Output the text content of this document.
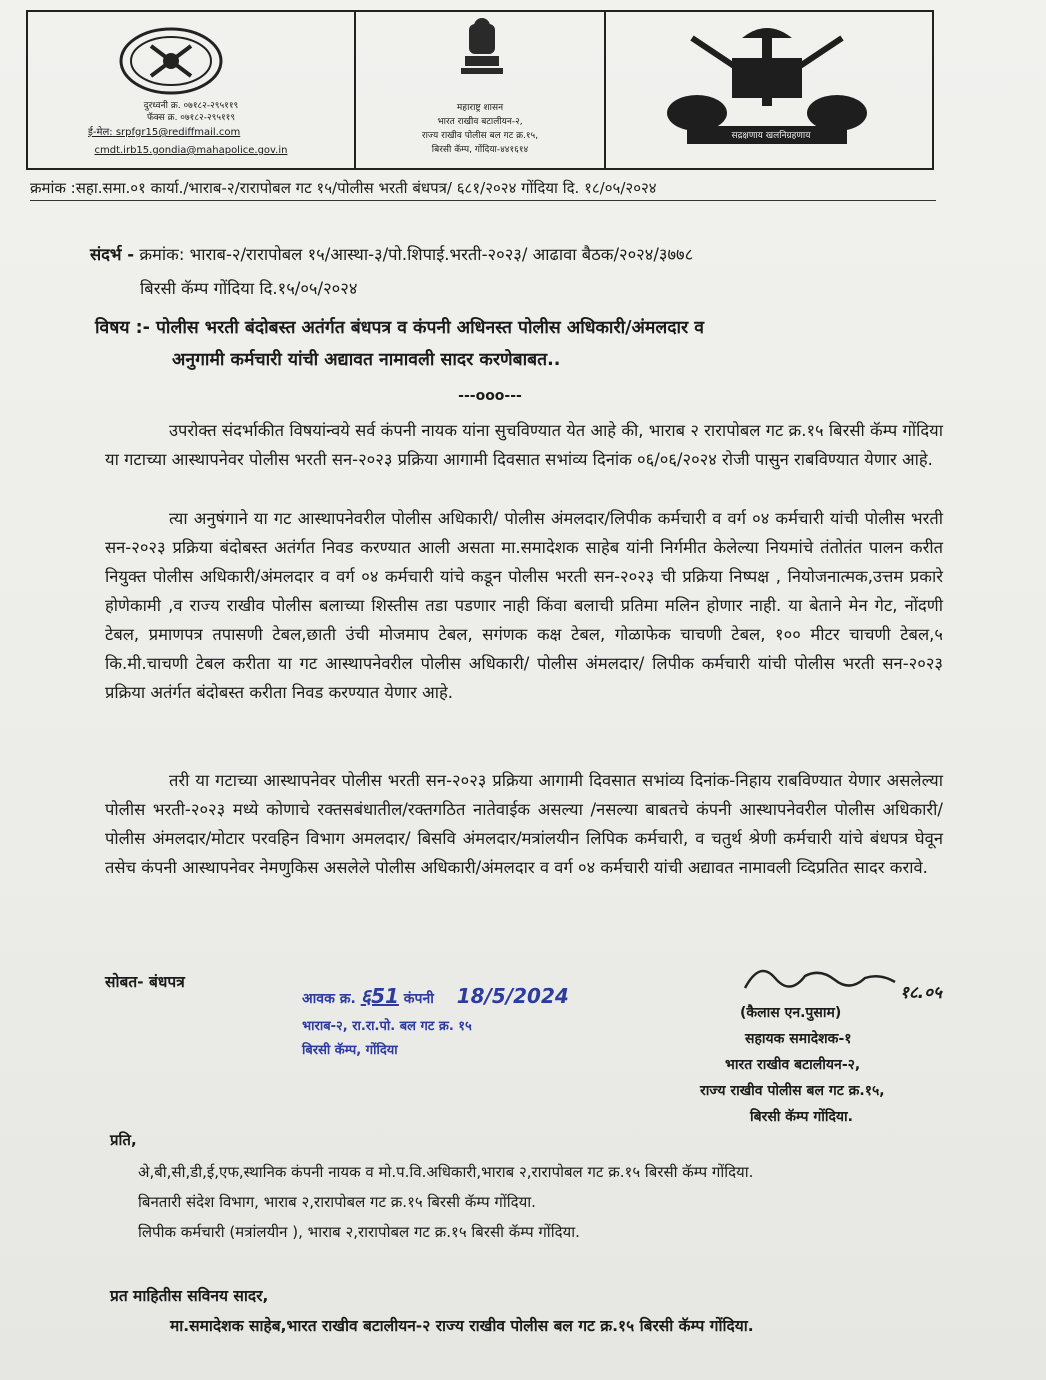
दुरध्वनी क्र. ०७१८२-२९५११९
फॅक्स क्र. ०७१८२-२९५११९
ई-मेल: srpfgr15@rediffmail.com
cmdt.irb15.gondia@mahapolice.gov.in
महाराष्ट्र शासन
भारत राखीव बटालीयन-२,
राज्य राखीव पोलीस बल गट क्र.१५,
बिरसी कॅम्प, गोंदिया-४४१६१४
सद्रक्षणाय खलनिग्रहणाय
क्रमांक :सहा.समा.०१ कार्या./भाराब-२/रारापोबल गट १५/पोलीस भरती बंधपत्र/ ६८१/२०२४ गोंदिया दि. १८/०५/२०२४
संदर्भ - क्रमांक: भाराब-२/रारापोबल १५/आस्था-३/पो.शिपाई.भरती-२०२३/ आढावा बैठक/२०२४/३७७८
बिरसी कॅम्प गोंदिया दि.१५/०५/२०२४
विषय :- पोलीस भरती बंदोबस्त अतंर्गत बंधपत्र व कंपनी अधिनस्त पोलीस अधिकारी/अंमलदार व
अनुगामी कर्मचारी यांची अद्यावत नामावली सादर करणेबाबत..
---ooo---
उपरोक्त संदर्भाकीत विषयांन्वये सर्व कंपनी नायक यांना सुचविण्यात येत आहे की, भाराब २ रारापोबल गट क्र.१५ बिरसी कॅम्प गोंदिया या गटाच्या आस्थापनेवर पोलीस भरती सन-२०२३ प्रक्रिया आगामी दिवसात सभांव्य दिनांक ०६/०६/२०२४ रोजी पासुन राबविण्यात येणार आहे.
त्या अनुषंगाने या गट आस्थापनेवरील पोलीस अधिकारी/ पोलीस अंमलदार/लिपीक कर्मचारी व वर्ग ०४ कर्मचारी यांची पोलीस भरती सन-२०२३ प्रक्रिया बंदोबस्त अतंर्गत निवड करण्यात आली असता मा.समादेशक साहेब यांनी निर्गमीत केलेल्या नियमांचे तंतोतंत पालन करीत नियुक्त पोलीस अधिकारी/अंमलदार व वर्ग ०४ कर्मचारी यांचे कडून पोलीस भरती सन-२०२३ ची प्रक्रिया निष्पक्ष , नियोजनात्मक,उत्तम प्रकारे होणेकामी ,व राज्य राखीव पोलीस बलाच्या शिस्तीस तडा पडणार नाही किंवा बलाची प्रतिमा मलिन होणार नाही. या बेताने मेन गेट, नोंदणी टेबल, प्रमाणपत्र तपासणी टेबल,छाती उंची मोजमाप टेबल, सगंणक कक्ष टेबल, गोळाफेक चाचणी टेबल, १०० मीटर चाचणी टेबल,५ कि.मी.चाचणी टेबल करीता या गट आस्थापनेवरील पोलीस अधिकारी/ पोलीस अंमलदार/ लिपीक कर्मचारी यांची पोलीस भरती सन-२०२३ प्रक्रिया अतंर्गत बंदोबस्त करीता निवड करण्यात येणार आहे.
तरी या गटाच्या आस्थापनेवर पोलीस भरती सन-२०२३ प्रक्रिया आगामी दिवसात सभांव्य दिनांक-निहाय राबविण्यात येणार असलेल्या पोलीस भरती-२०२३ मध्ये कोणाचे रक्तसबंधातील/रक्तगठित नातेवाईक असल्या /नसल्या बाबतचे कंपनी आस्थापनेवरील पोलीस अधिकारी/पोलीस अंमलदार/मोटार परवहिन विभाग अमलदार/ बिसवि अंमलदार/मत्रांलयीन लिपिक कर्मचारी, व चतुर्थ श्रेणी कर्मचारी यांचे बंधपत्र घेवून तसेच कंपनी आस्थापनेवर नेमणुकिस असलेले पोलीस अधिकारी/अंमलदार व वर्ग ०४ कर्मचारी यांची अद्यावत नामावली व्दिप्रतित सादर करावे.
सोबत- बंधपत्र
आवक क्र. ६51 कंपनी 18/5/2024
भाराब-२, रा.रा.पो. बल गट क्र. १५
बिरसी कॅम्प, गोंदिया
१८.०५
(कैलास एन.पुसाम)
सहायक समादेशक-१
भारत राखीव बटालीयन-२,
राज्य राखीव पोलीस बल गट क्र.१५,
बिरसी कॅम्प गोंदिया.
प्रति,
अे,बी,सी,डी,ई,एफ,स्थानिक कंपनी नायक व मो.प.वि.अधिकारी,भाराब २,रारापोबल गट क्र.१५ बिरसी कॅम्प गोंदिया.
बिनतारी संदेश विभाग, भाराब २,रारापोबल गट क्र.१५ बिरसी कॅम्प गोंदिया.
लिपीक कर्मचारी (मत्रांलयीन ), भाराब २,रारापोबल गट क्र.१५ बिरसी कॅम्प गोंदिया.
प्रत माहितीस सविनय सादर,
मा.समादेशक साहेब,भारत राखीव बटालीयन-२ राज्य राखीव पोलीस बल गट क्र.१५ बिरसी कॅम्प गोंदिया.
